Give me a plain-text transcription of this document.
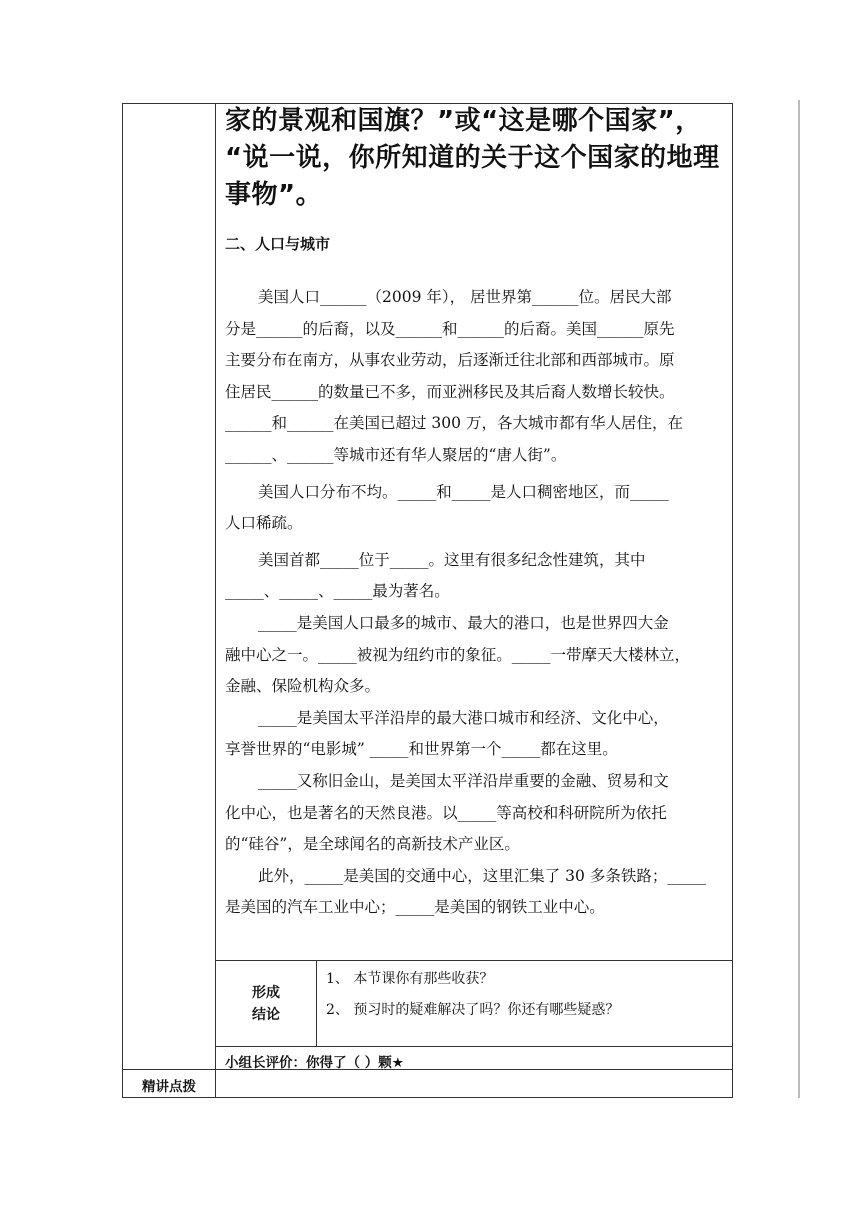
家的景观和国旗？”或“这是哪个国家”，
“说一说，你所知道的关于这个国家的地理
事物”。
二、人口与城市
美国人口______（2009 年）， 居世界第______位。居民大部
分是______的后裔，以及______和______的后裔。美国______原先
主要分布在南方，从事农业劳动，后逐渐迁往北部和西部城市。原
住居民______的数量已不多，而亚洲移民及其后裔人数增长较快。
______和______在美国已超过 300 万，各大城市都有华人居住，在
______、______等城市还有华人聚居的“唐人街”。
美国人口分布不均。_____和_____是人口稠密地区，而_____
人口稀疏。
美国首都_____位于_____。这里有很多纪念性建筑，其中
_____、_____、_____最为著名。
_____是美国人口最多的城市、最大的港口，也是世界四大金
融中心之一。_____被视为纽约市的象征。_____一带摩天大楼林立，
金融、保险机构众多。
_____是美国太平洋沿岸的最大港口城市和经济、文化中心，
享誉世界的“电影城” _____和世界第一个_____都在这里。
_____又称旧金山，是美国太平洋沿岸重要的金融、贸易和文
化中心，也是著名的天然良港。以_____等高校和科研院所为依托
的“硅谷”，是全球闻名的高新技术产业区。
此外，_____是美国的交通中心，这里汇集了 30 多条铁路；_____
是美国的汽车工业中心；_____是美国的钢铁工业中心。
形成
结论
1、 本节课你有那些收获？
2、 预习时的疑难解决了吗？你还有哪些疑惑？
小组长评价：你得了（ ）颗★
精讲点拨
